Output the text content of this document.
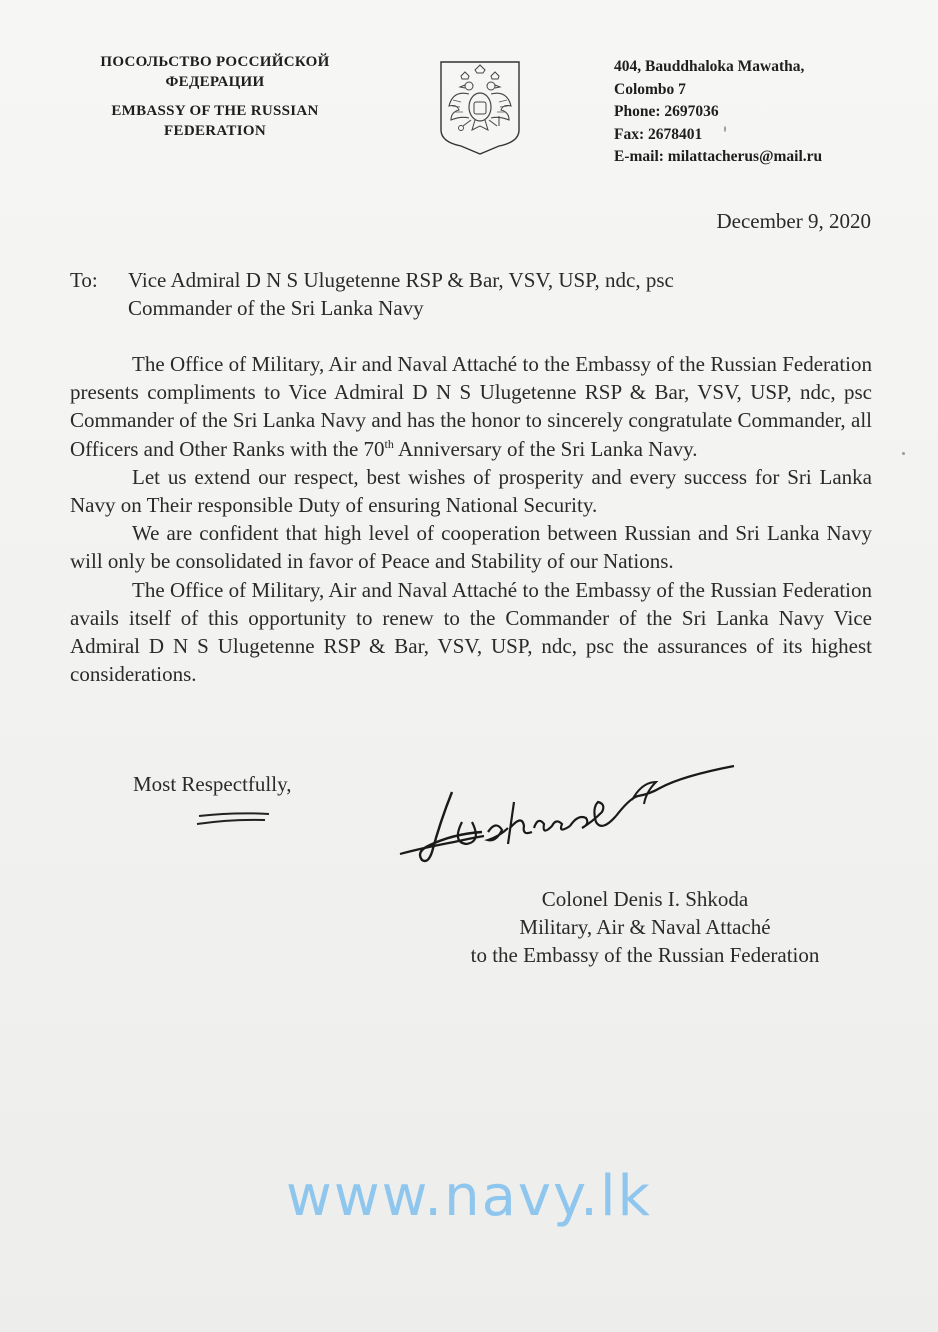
ПОСОЛЬСТВО РОССИЙСКОЙ
ФЕДЕРАЦИИ
EMBASSY OF THE RUSSIAN
FEDERATION
404, Bauddhaloka Mawatha,
Colombo 7
Phone: 2697036
Fax: 2678401
E-mail: milattacherus@mail.ru
December 9, 2020
To: Vice Admiral D N S Ulugetenne RSP & Bar, VSV, USP, ndc, psc
Commander of the Sri Lanka Navy

The Office of Military, Air and Naval Attaché to the Embassy of the Russian Federation presents compliments to Vice Admiral D N S Ulugetenne RSP & Bar, VSV, USP, ndc, psc Commander of the Sri Lanka Navy and has the honor to sincerely congratulate Commander, all Officers and Other Ranks with the 70th Anniversary of the Sri Lanka Navy.

Let us extend our respect, best wishes of prosperity and every success for Sri Lanka Navy on Their responsible Duty of ensuring National Security.

We are confident that high level of cooperation between Russian and Sri Lanka Navy will only be consolidated in favor of Peace and Stability of our Nations.

The Office of Military, Air and Naval Attaché to the Embassy of the Russian Federation avails itself of this opportunity to renew to the Commander of the Sri Lanka Navy Vice Admiral D N S Ulugetenne RSP & Bar, VSV, USP, ndc, psc the assurances of its highest considerations.

Most Respectfully,
Colonel Denis I. Shkoda
Military, Air & Naval Attaché
to the Embassy of the Russian Federation
www.navy.lk
